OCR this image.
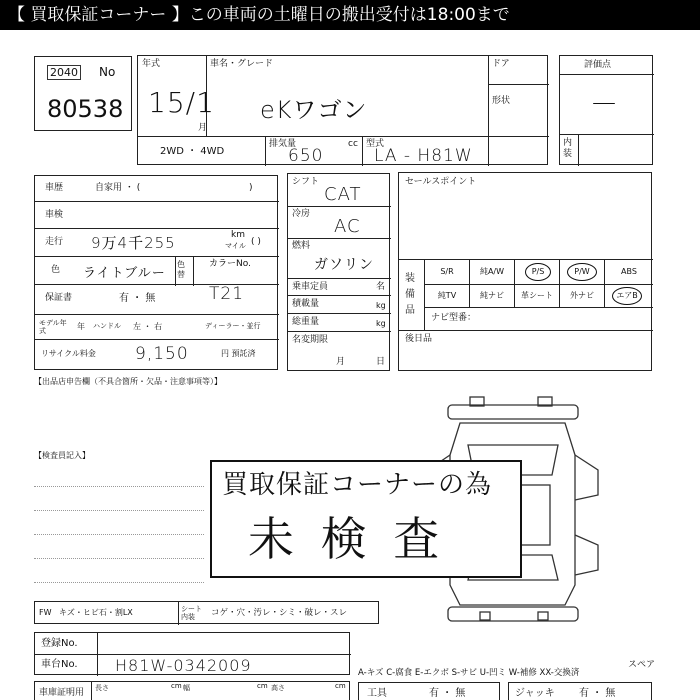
【 買取保証コーナー 】この車両の土曜日の搬出受付は18:00まで
2040 No
80538
年式
15/1
月
車名・グレード
eKワゴン
ドア
形状
2WD ・ 4WD
排気量	cc
650
型式
LA - H81W
評価点
—
内装
車歴	自家用 ・ (	)
車検
走行 9万4千255	km
マイル ( )
色 ライトブルー
色替
カラーNo.
保証書	有 ・ 無	T21
モデル年式
年 ハンドル 左 ・ 右	ディーラー・並行
リサイクル料金 9,150	円 預託済
シフト
CAT
冷房
AC
燃料
ガソリン
乗車定員	名
積載量	kg
総重量	kg
名変期限
月	日
セールスポイント
装備品
S/R	純A/W	P/S	P/W	ABS
純TV	純ナビ	革シート	外ナビ	エアB
ナビ型番：
後日品
【出品店申告欄（不具合箇所・欠品・注意事項等）】
【検査員記入】
買取保証コーナーの為
未 検 査
FW キズ・ヒビ石・割LX	シート内装	コゲ・穴・汚レ・シミ・破レ・スレ
登録No.
車台No. H81W-0342009
車庫証明用 長さ	cm 幅	cm 高さ	cm
スペア
A-キズ C-腐食 E-エクボ S-サビ U-凹ミ W-補修 XX-交換済
工具	有 ・ 無	ジャッキ 有 ・ 無
